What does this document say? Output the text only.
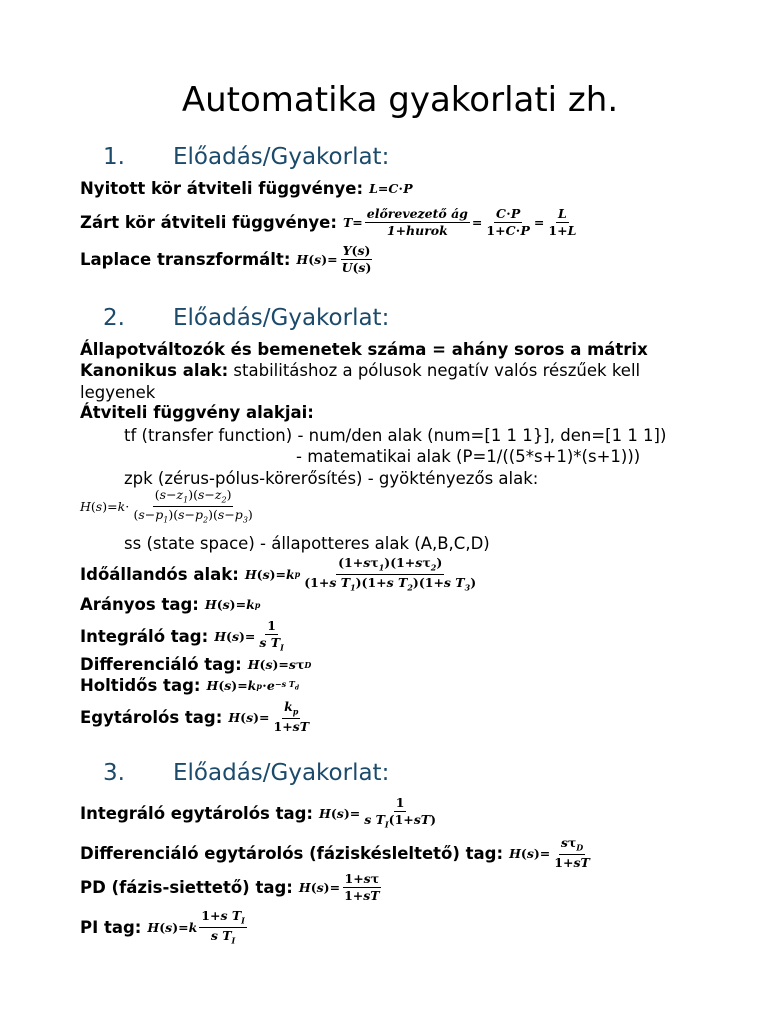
Automatika gyakorlati zh.
1. Előadás/Gyakorlat:
Nyitott kör átviteli függvénye: L = C ⋅ P
Zárt kör átviteli függvénye: $T = \frac{\text{előrevezető ág}}{\text{1+hurok}} = \frac{C\cdot P}{1+C\cdot P} = \frac{L}{1+L}$
Laplace transzformált: H ( s )= $\frac{Y(s)}{U(s)}$
2. Előadás/Gyakorlat:
Állapotváltozók és bemenetek száma = ahány soros a mátrix
Kanonikus alak: stabilitáshoz a pólusok negatív valós részűek kell
legyenek
Átviteli függvény alakjai:
tf (transfer function) - num/den alak (num=[1 1 1}], den=[1 1 1])
- matematikai alak (P=1/((5*s+1)*(s+1)))
zpk (zérus-pólus-körerősítés) - gyöktényezős alak:
H ( s )= $k \cdot \frac{(s-z_1)(s-z_2)}{(s-p_1)(s-p_2)(s-p_3)}$
ss (state space) - állapotteres alak (A,B,C,D)
Időállandós alak: H ( s )= k p $\frac{(1+s\tau_1)(1+s\tau_2)}{(1+s T_1)(1+s T_2)(1+s T_3)}$
Arányos tag: H ( s )= k p
Integráló tag: H ( s )= $\frac{1}{s T_I}$
Differenciáló tag: H ( s )= s τ D
Holtidős tag: H ( s )= k p ⋅ e −s $T_d$
Egytárolós tag: H ( s )= $\frac{k_p}{1+sT}$
3. Előadás/Gyakorlat:
Integráló egytárolós tag: H ( s )= $\frac{1}{s T_I(1+sT)}$
Differenciáló egytárolós (fáziskésleltető) tag: H ( s )= $\frac{s\tau_D}{1+sT}$
PD (fázis-siettető) tag: H ( s )= $\frac{1+s\tau}{1+sT}$
PI tag: H ( s )= k $\frac{1+s T_I}{s T_I}$
